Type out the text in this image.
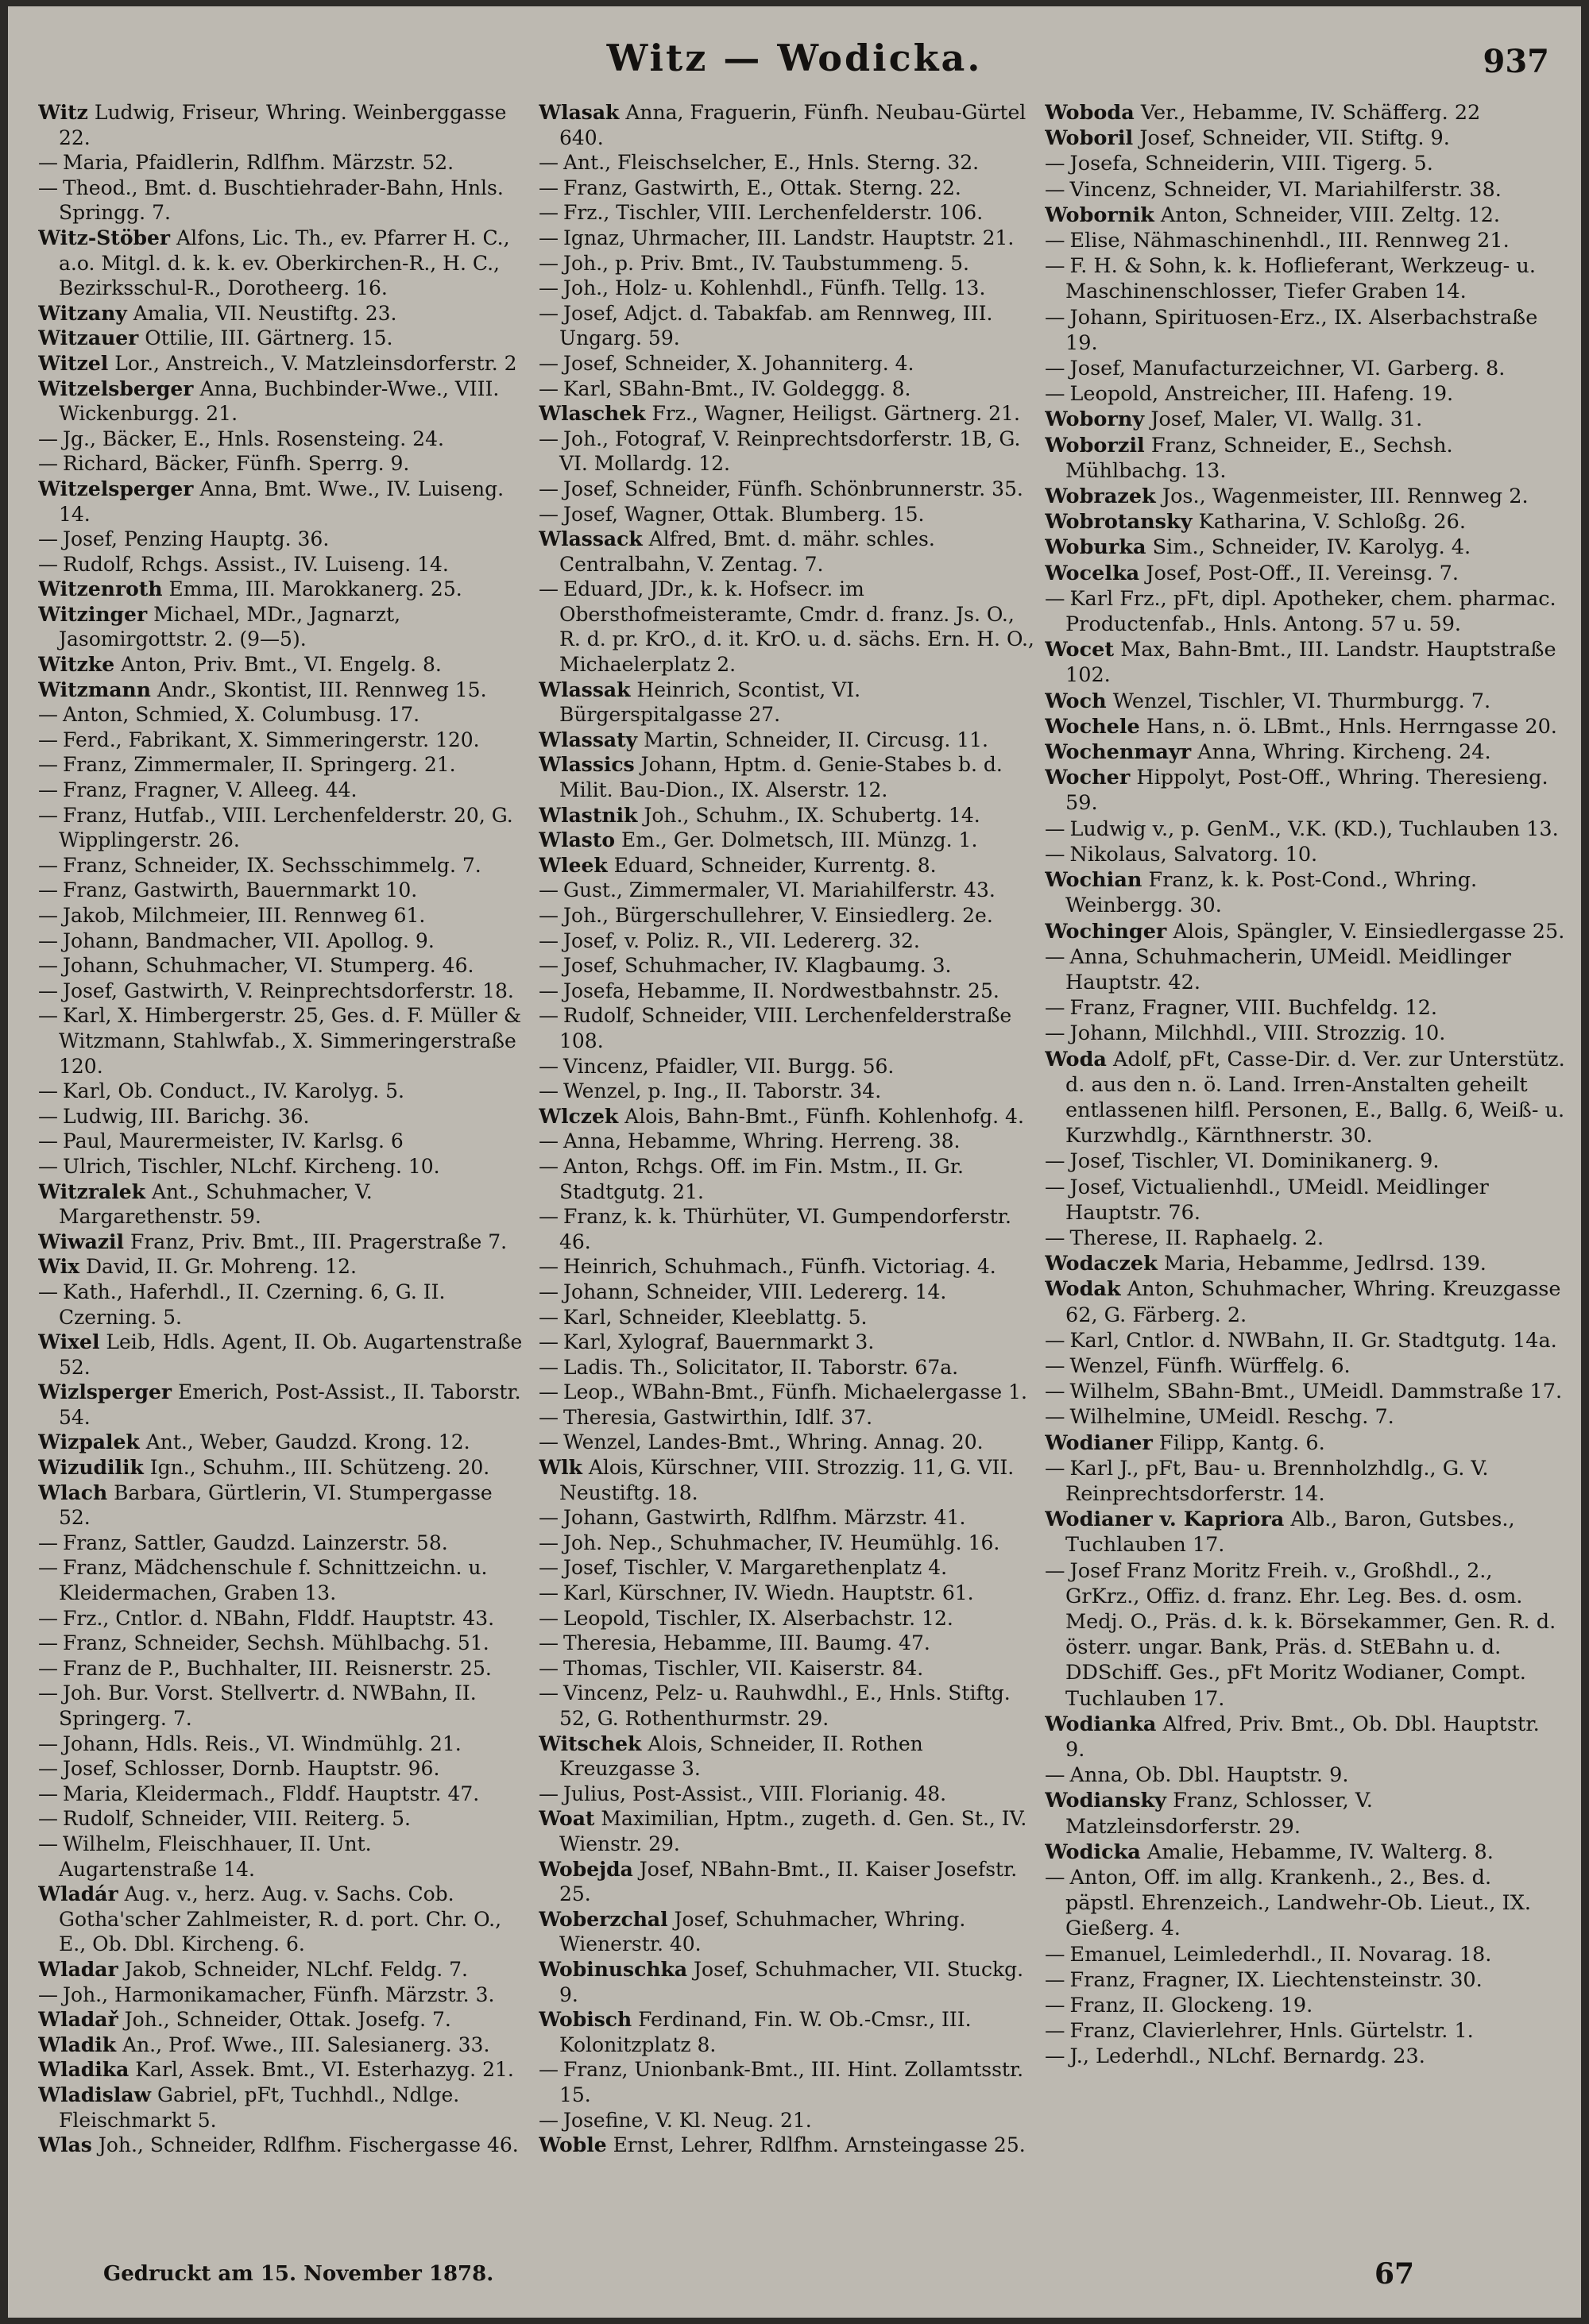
Witz — Wodicka.	937
Witz Ludwig, Friseur, Whring. Weinberggasse 22.
— Maria, Pfaidlerin, Rdlfhm. Märzstr. 52.
— Theod., Bmt. d. Buschtiehrader-Bahn, Hnls. Springg. 7.
Witz-Stöber Alfons, Lic. Th., ev. Pfarrer H. C., a.o. Mitgl. d. k. k. ev. Oberkirchen-R., H. C., Bezirksschul-R., Dorotheerg. 16.
Witzany Amalia, VII. Neustiftg. 23.
Witzauer Ottilie, III. Gärtnerg. 15.
Witzel Lor., Anstreich., V. Matzleinsdorferstr. 2
Witzelsberger Anna, Buchbinder-Wwe., VIII. Wickenburgg. 21.
— Jg., Bäcker, E., Hnls. Rosensteing. 24.
— Richard, Bäcker, Fünfh. Sperrg. 9.
Witzelsperger Anna, Bmt. Wwe., IV. Luiseng. 14.
— Josef, Penzing Hauptg. 36.
— Rudolf, Rchgs. Assist., IV. Luiseng. 14.
Witzenroth Emma, III. Marokkanerg. 25.
Witzinger Michael, MDr., Jagnarzt, Jasomirgottstr. 2. (9—5).
Witzke Anton, Priv. Bmt., VI. Engelg. 8.
Witzmann Andr., Skontist, III. Rennweg 15.
— Anton, Schmied, X. Columbusg. 17.
— Ferd., Fabrikant, X. Simmeringerstr. 120.
— Franz, Zimmermaler, II. Springerg. 21.
— Franz, Fragner, V. Alleeg. 44.
— Franz, Hutfab., VIII. Lerchenfelderstr. 20, G. Wipplingerstr. 26.
— Franz, Schneider, IX. Sechsschimmelg. 7.
— Franz, Gastwirth, Bauernmarkt 10.
— Jakob, Milchmeier, III. Rennweg 61.
— Johann, Bandmacher, VII. Apollog. 9.
— Johann, Schuhmacher, VI. Stumperg. 46.
— Josef, Gastwirth, V. Reinprechtsdorferstr. 18.
— Karl, X. Himbergerstr. 25, Ges. d. F. Müller & Witzmann, Stahlwfab., X. Simmeringerstraße 120.
— Karl, Ob. Conduct., IV. Karolyg. 5.
— Ludwig, III. Barichg. 36.
— Paul, Maurermeister, IV. Karlsg. 6
— Ulrich, Tischler, NLchf. Kircheng. 10.
Witzralek Ant., Schuhmacher, V. Margarethenstr. 59.
Wiwazil Franz, Priv. Bmt., III. Pragerstraße 7.
Wix David, II. Gr. Mohreng. 12.
— Kath., Haferhdl., II. Czerning. 6, G. II. Czerning. 5.
Wixel Leib, Hdls. Agent, II. Ob. Augartenstraße 52.
Wizlsperger Emerich, Post-Assist., II. Taborstr. 54.
Wizpalek Ant., Weber, Gaudzd. Krong. 12.
Wizudilik Ign., Schuhm., III. Schützeng. 20.
Wlach Barbara, Gürtlerin, VI. Stumpergasse 52.
— Franz, Sattler, Gaudzd. Lainzerstr. 58.
— Franz, Mädchenschule f. Schnittzeichn. u. Kleidermachen, Graben 13.
— Frz., Cntlor. d. NBahn, Flddf. Hauptstr. 43.
— Franz, Schneider, Sechsh. Mühlbachg. 51.
— Franz de P., Buchhalter, III. Reisnerstr. 25.
— Joh. Bur. Vorst. Stellvertr. d. NWBahn, II. Springerg. 7.
— Johann, Hdls. Reis., VI. Windmühlg. 21.
— Josef, Schlosser, Dornb. Hauptstr. 96.
— Maria, Kleidermach., Flddf. Hauptstr. 47.
— Rudolf, Schneider, VIII. Reiterg. 5.
— Wilhelm, Fleischhauer, II. Unt. Augartenstraße 14.
Wladár Aug. v., herz. Aug. v. Sachs. Cob. Gotha'scher Zahlmeister, R. d. port. Chr. O., E., Ob. Dbl. Kircheng. 6.
Wladar Jakob, Schneider, NLchf. Feldg. 7.
— Joh., Harmonikamacher, Fünfh. Märzstr. 3.
Wladař Joh., Schneider, Ottak. Josefg. 7.
Wladik An., Prof. Wwe., III. Salesianerg. 33.
Wladika Karl, Assek. Bmt., VI. Esterhazyg. 21.
Wladislaw Gabriel, pFt, Tuchhdl., Ndlge. Fleischmarkt 5.
Wlas Joh., Schneider, Rdlfhm. Fischergasse 46.
Wlasak Anna, Fraguerin, Fünfh. Neubau-Gürtel 640.
— Ant., Fleischselcher, E., Hnls. Sterng. 32.
— Franz, Gastwirth, E., Ottak. Sterng. 22.
— Frz., Tischler, VIII. Lerchenfelderstr. 106.
— Ignaz, Uhrmacher, III. Landstr. Hauptstr. 21.
— Joh., p. Priv. Bmt., IV. Taubstummeng. 5.
— Joh., Holz- u. Kohlenhdl., Fünfh. Tellg. 13.
— Josef, Adjct. d. Tabakfab. am Rennweg, III. Ungarg. 59.
— Josef, Schneider, X. Johanniterg. 4.
— Karl, SBahn-Bmt., IV. Goldeggg. 8.
Wlaschek Frz., Wagner, Heiligst. Gärtnerg. 21.
— Joh., Fotograf, V. Reinprechtsdorferstr. 1B, G. VI. Mollardg. 12.
— Josef, Schneider, Fünfh. Schönbrunnerstr. 35.
— Josef, Wagner, Ottak. Blumberg. 15.
Wlassack Alfred, Bmt. d. mähr. schles. Centralbahn, V. Zentag. 7.
— Eduard, JDr., k. k. Hofsecr. im Obersthofmeisteramte, Cmdr. d. franz. Js. O., R. d. pr. KrO., d. it. KrO. u. d. sächs. Ern. H. O., Michaelerplatz 2.
Wlassak Heinrich, Scontist, VI. Bürgerspitalgasse 27.
Wlassaty Martin, Schneider, II. Circusg. 11.
Wlassics Johann, Hptm. d. Genie-Stabes b. d. Milit. Bau-Dion., IX. Alserstr. 12.
Wlastnik Joh., Schuhm., IX. Schubertg. 14.
Wlasto Em., Ger. Dolmetsch, III. Münzg. 1.
Wleek Eduard, Schneider, Kurrentg. 8.
— Gust., Zimmermaler, VI. Mariahilferstr. 43.
— Joh., Bürgerschullehrer, V. Einsiedlerg. 2e.
— Josef, v. Poliz. R., VII. Ledererg. 32.
— Josef, Schuhmacher, IV. Klagbaumg. 3.
— Josefa, Hebamme, II. Nordwestbahnstr. 25.
— Rudolf, Schneider, VIII. Lerchenfelderstraße 108.
— Vincenz, Pfaidler, VII. Burgg. 56.
— Wenzel, p. Ing., II. Taborstr. 34.
Wlczek Alois, Bahn-Bmt., Fünfh. Kohlenhofg. 4.
— Anna, Hebamme, Whring. Herreng. 38.
— Anton, Rchgs. Off. im Fin. Mstm., II. Gr. Stadtgutg. 21.
— Franz, k. k. Thürhüter, VI. Gumpendorferstr. 46.
— Heinrich, Schuhmach., Fünfh. Victoriag. 4.
— Johann, Schneider, VIII. Ledererg. 14.
— Karl, Schneider, Kleeblattg. 5.
— Karl, Xylograf, Bauernmarkt 3.
— Ladis. Th., Solicitator, II. Taborstr. 67a.
— Leop., WBahn-Bmt., Fünfh. Michaelergasse 1.
— Theresia, Gastwirthin, Idlf. 37.
— Wenzel, Landes-Bmt., Whring. Annag. 20.
Wlk Alois, Kürschner, VIII. Strozzig. 11, G. VII. Neustiftg. 18.
— Johann, Gastwirth, Rdlfhm. Märzstr. 41.
— Joh. Nep., Schuhmacher, IV. Heumühlg. 16.
— Josef, Tischler, V. Margarethenplatz 4.
— Karl, Kürschner, IV. Wiedn. Hauptstr. 61.
— Leopold, Tischler, IX. Alserbachstr. 12.
— Theresia, Hebamme, III. Baumg. 47.
— Thomas, Tischler, VII. Kaiserstr. 84.
— Vincenz, Pelz- u. Rauhwdhl., E., Hnls. Stiftg. 52, G. Rothenthurmstr. 29.
Witschek Alois, Schneider, II. Rothen Kreuzgasse 3.
— Julius, Post-Assist., VIII. Florianig. 48.
Woat Maximilian, Hptm., zugeth. d. Gen. St., IV. Wienstr. 29.
Wobejda Josef, NBahn-Bmt., II. Kaiser Josefstr. 25.
Woberzchal Josef, Schuhmacher, Whring. Wienerstr. 40.
Wobinuschka Josef, Schuhmacher, VII. Stuckg. 9.
Wobisch Ferdinand, Fin. W. Ob.-Cmsr., III. Kolonitzplatz 8.
— Franz, Unionbank-Bmt., III. Hint. Zollamtsstr. 15.
— Josefine, V. Kl. Neug. 21.
Woble Ernst, Lehrer, Rdlfhm. Arnsteingasse 25.
Woboda Ver., Hebamme, IV. Schäfferg. 22
Woboril Josef, Schneider, VII. Stiftg. 9.
— Josefa, Schneiderin, VIII. Tigerg. 5.
— Vincenz, Schneider, VI. Mariahilferstr. 38.
Wobornik Anton, Schneider, VIII. Zeltg. 12.
— Elise, Nähmaschinenhdl., III. Rennweg 21.
— F. H. & Sohn, k. k. Hoflieferant, Werkzeug- u. Maschinenschlosser, Tiefer Graben 14.
— Johann, Spirituosen-Erz., IX. Alserbachstraße 19.
— Josef, Manufacturzeichner, VI. Garberg. 8.
— Leopold, Anstreicher, III. Hafeng. 19.
Woborny Josef, Maler, VI. Wallg. 31.
Woborzil Franz, Schneider, E., Sechsh. Mühlbachg. 13.
Wobrazek Jos., Wagenmeister, III. Rennweg 2.
Wobrotansky Katharina, V. Schloßg. 26.
Woburka Sim., Schneider, IV. Karolyg. 4.
Wocelka Josef, Post-Off., II. Vereinsg. 7.
— Karl Frz., pFt, dipl. Apotheker, chem. pharmac. Productenfab., Hnls. Antong. 57 u. 59.
Wocet Max, Bahn-Bmt., III. Landstr. Hauptstraße 102.
Woch Wenzel, Tischler, VI. Thurmburgg. 7.
Wochele Hans, n. ö. LBmt., Hnls. Herrngasse 20.
Wochenmayr Anna, Whring. Kircheng. 24.
Wocher Hippolyt, Post-Off., Whring. Theresieng. 59.
— Ludwig v., p. GenM., V.K. (KD.), Tuchlauben 13.
— Nikolaus, Salvatorg. 10.
Wochian Franz, k. k. Post-Cond., Whring. Weinbergg. 30.
Wochinger Alois, Spängler, V. Einsiedlergasse 25.
— Anna, Schuhmacherin, UMeidl. Meidlinger Hauptstr. 42.
— Franz, Fragner, VIII. Buchfeldg. 12.
— Johann, Milchhdl., VIII. Strozzig. 10.
Woda Adolf, pFt, Casse-Dir. d. Ver. zur Unterstütz. d. aus den n. ö. Land. Irren-Anstalten geheilt entlassenen hilfl. Personen, E., Ballg. 6, Weiß- u. Kurzwhdlg., Kärnthnerstr. 30.
— Josef, Tischler, VI. Dominikanerg. 9.
— Josef, Victualienhdl., UMeidl. Meidlinger Hauptstr. 76.
— Therese, II. Raphaelg. 2.
Wodaczek Maria, Hebamme, Jedlrsd. 139.
Wodak Anton, Schuhmacher, Whring. Kreuzgasse 62, G. Färberg. 2.
— Karl, Cntlor. d. NWBahn, II. Gr. Stadtgutg. 14a.
— Wenzel, Fünfh. Würffelg. 6.
— Wilhelm, SBahn-Bmt., UMeidl. Dammstraße 17.
— Wilhelmine, UMeidl. Reschg. 7.
Wodianer Filipp, Kantg. 6.
— Karl J., pFt, Bau- u. Brennholzhdlg., G. V. Reinprechtsdorferstr. 14.
Wodianer v. Kapriora Alb., Baron, Gutsbes., Tuchlauben 17.
— Josef Franz Moritz Freih. v., Großhdl., 2., GrKrz., Offiz. d. franz. Ehr. Leg. Bes. d. osm. Medj. O., Präs. d. k. k. Börsekammer, Gen. R. d. österr. ungar. Bank, Präs. d. StEBahn u. d. DDSchiff. Ges., pFt Moritz Wodianer, Compt. Tuchlauben 17.
Wodianka Alfred, Priv. Bmt., Ob. Dbl. Hauptstr. 9.
— Anna, Ob. Dbl. Hauptstr. 9.
Wodiansky Franz, Schlosser, V. Matzleinsdorferstr. 29.
Wodicka Amalie, Hebamme, IV. Walterg. 8.
— Anton, Off. im allg. Krankenh., 2., Bes. d. päpstl. Ehrenzeich., Landwehr-Ob. Lieut., IX. Gießerg. 4.
— Emanuel, Leimlederhdl., II. Novarag. 18.
— Franz, Fragner, IX. Liechtensteinstr. 30.
— Franz, II. Glockeng. 19.
— Franz, Clavierlehrer, Hnls. Gürtelstr. 1.
— J., Lederhdl., NLchf. Bernardg. 23.
Gedruckt am 15. November 1878.	67
